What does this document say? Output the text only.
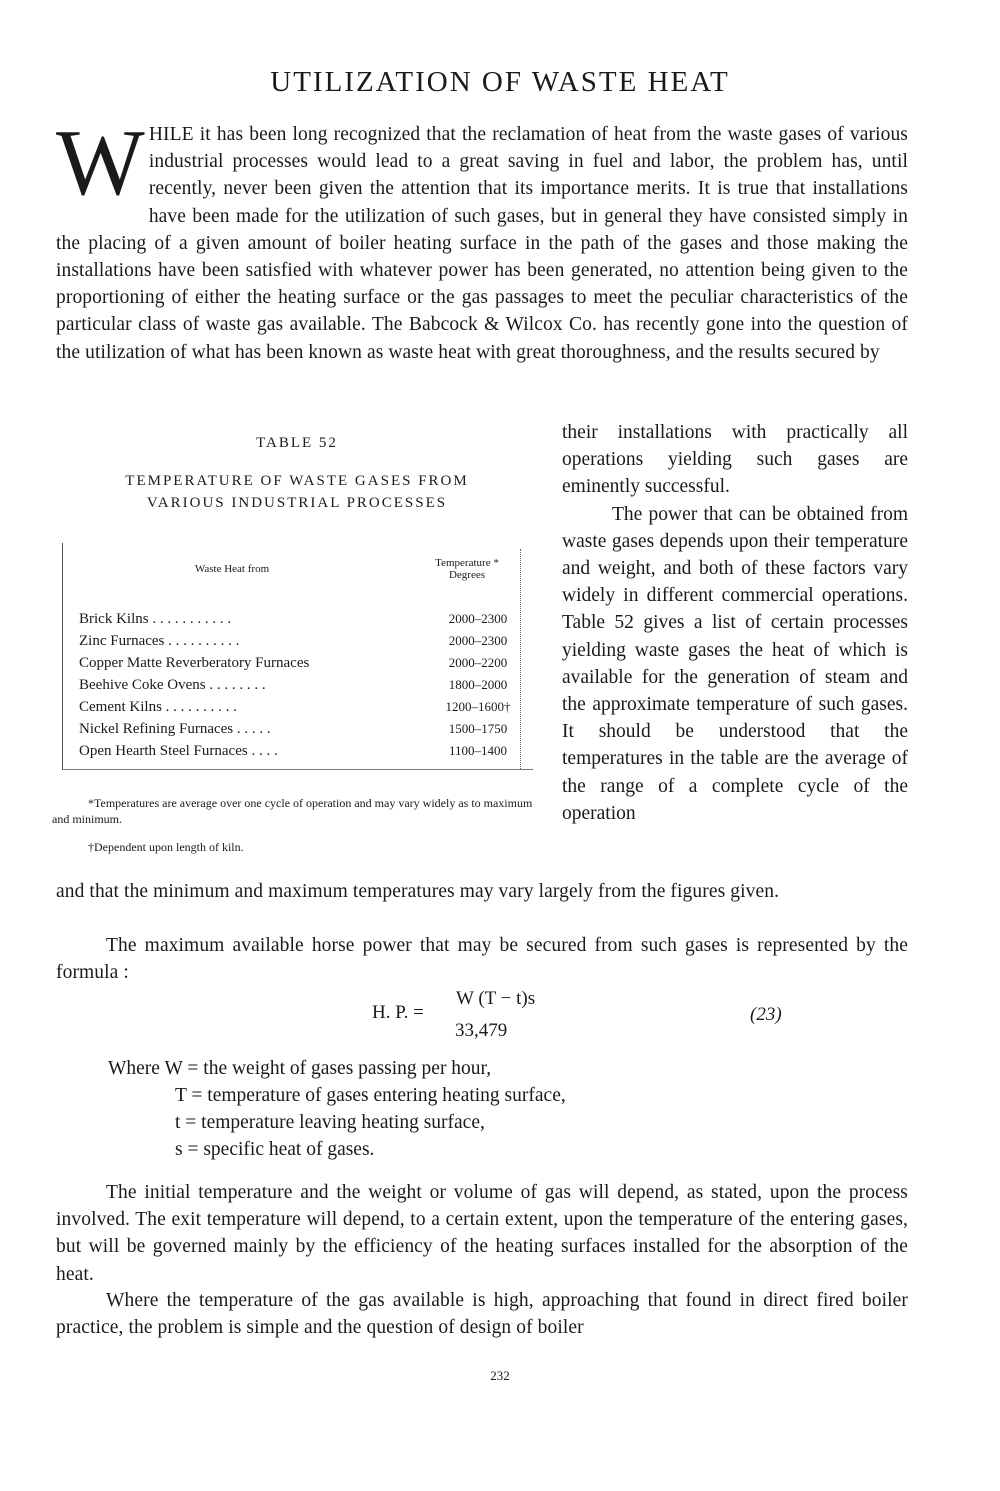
UTILIZATION OF WASTE HEAT
WHILE it has been long recognized that the reclamation of heat from the waste gases of various industrial processes would lead to a great saving in fuel and labor, the problem has, until recently, never been given the attention that its importance merits. It is true that installations have been made for the utilization of such gases, but in general they have consisted simply in the placing of a given amount of boiler heating surface in the path of the gases and those making the installations have been satisfied with whatever power has been generated, no attention being given to the proportioning of either the heating surface or the gas passages to meet the peculiar characteristics of the particular class of waste gas available. The Babcock & Wilcox Co. has recently gone into the question of the utilization of what has been known as waste heat with great thoroughness, and the results secured by
TABLE 52
TEMPERATURE OF WASTE GASES FROM
VARIOUS INDUSTRIAL PROCESSES
Waste Heat from	Temperature *
Degrees
Brick Kilns . . . . . . . . . . .	2000–2300
Zinc Furnaces . . . . . . . . . .	2000–2300
Copper Matte Reverberatory Furnaces	2000–2200
Beehive Coke Ovens . . . . . . . .	1800–2000
Cement Kilns . . . . . . . . . .	1200–1600†
Nickel Refining Furnaces . . . . .	1500–1750
Open Hearth Steel Furnaces . . . .	1100–1400
*Temperatures are average over one cycle of operation and may vary widely as to maximum and minimum.
†Dependent upon length of kiln.

their installations with practically all operations yielding such gases are eminently successful.

The power that can be obtained from waste gases depends upon their temperature and weight, and both of these factors vary widely in different commercial operations. Table 52 gives a list of certain processes yielding waste gases the heat of which is available for the generation of steam and the approximate temperature of such gases. It should be understood that the temperatures in the table are the average of the range of a complete cycle of the operation

and that the minimum and maximum temperatures may vary largely from the figures given.
The maximum available horse power that may be secured from such gases is represented by the formula :
H. P. =
W (T − t)s
33,479
(23)
Where W = the weight of gases passing per hour,
T = temperature of gases entering heating surface,
t = temperature leaving heating surface,
s = specific heat of gases.
The initial temperature and the weight or volume of gas will depend, as stated, upon the process involved. The exit temperature will depend, to a certain extent, upon the temperature of the entering gases, but will be governed mainly by the efficiency of the heating surfaces installed for the absorption of the heat.
Where the temperature of the gas available is high, approaching that found in direct fired boiler practice, the problem is simple and the question of design of boiler
232
